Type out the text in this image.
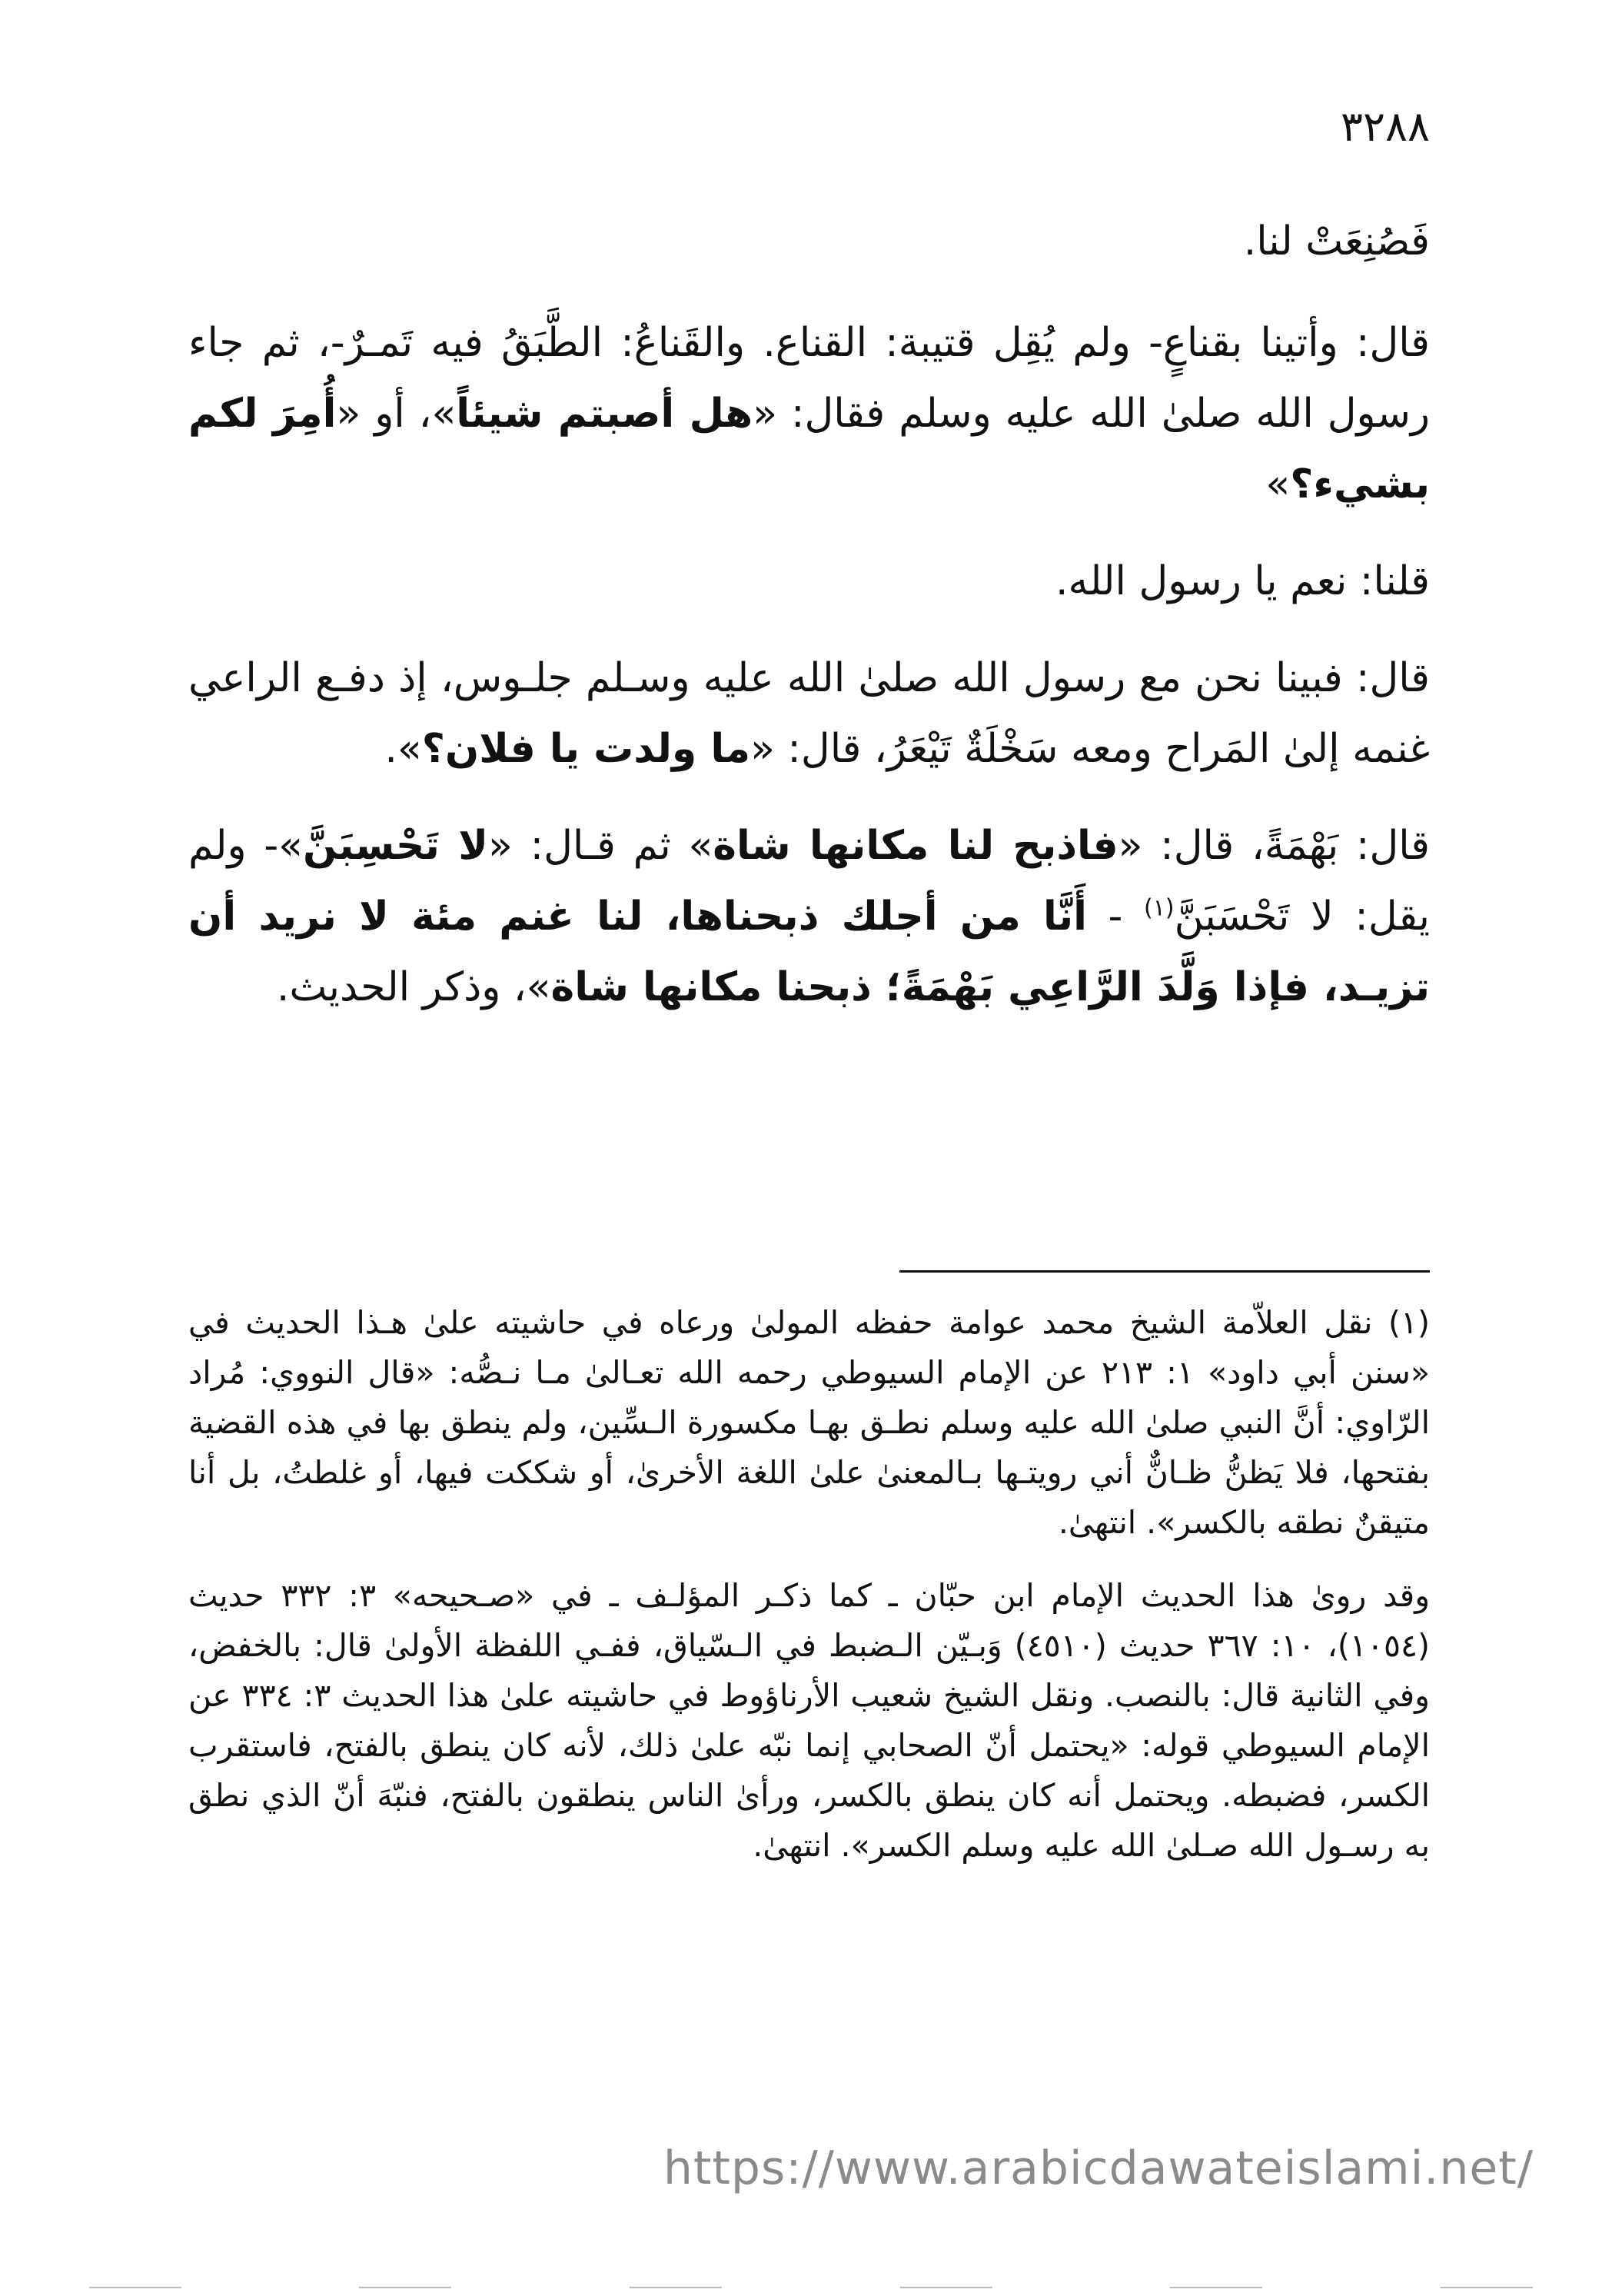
٣٢٨٨

فَصُنِعَتْ لنا.

قال: وأتينا بقناعٍ- ولم يُقِل قتيبة: القناع. والقَناعُ: الطَّبَقُ فيه تَمـرٌ-، ثم جاء رسول الله صلىٰ الله عليه وسلم فقال: «هل أصبتم شيئاً»، أو «أُمِرَ لكم بشيء؟»

قلنا: نعم يا رسول الله.

قال: فبينا نحن مع رسول الله صلىٰ الله عليه وسـلم جلـوس، إذ دفـع الراعي غنمه إلىٰ المَراح ومعه سَخْلَةٌ تَيْعَرُ، قال: «ما ولدت يا فلان؟».

قال: بَهْمَةً، قال: «فاذبح لنا مكانها شاة» ثم قـال: «لا تَحْسِبَنَّ»- ولم يقل: لا تَحْسَبَنَّ$^{(١)}$ - أَنَّا من أجلك ذبحناها، لنا غنم مئة لا نريد أن تزيـد، فإذا وَلَّدَ الرَّاعِي بَهْمَةً؛ ذبحنا مكانها شاة»، وذكر الحديث.

(١) نقل العلاّمة الشيخ محمد عوامة حفظه المولىٰ ورعاه في حاشيته علىٰ هـذا الحديث في «سنن أبي داود» ١: ٢١٣ عن الإمام السيوطي رحمه الله تعـالىٰ مـا نـصُّه: «قال النووي: مُراد الرّاوي: أنَّ النبي صلىٰ الله عليه وسلم نطـق بهـا مكسورة الـسِّين، ولم ينطق بها في هذه القضية بفتحها، فلا يَظنُّ ظـانٌّ أني رويتـها بـالمعنىٰ علىٰ اللغة الأخرىٰ، أو شككت فيها، أو غلطتُ، بل أنا متيقنٌ نطقه بالكسر». انتهىٰ.

وقد روىٰ هذا الحديث الإمام ابن حبّان ـ كما ذكـر المؤلـف ـ في «صـحيحه» ٣: ٣٣٢ حديث (١٠٥٤)، ١٠: ٣٦٧ حديث (٤٥١٠) وَبـيّن الـضبط في الـسّياق، ففـي اللفظة الأولىٰ قال: بالخفض، وفي الثانية قال: بالنصب. ونقل الشيخ شعيب الأرناؤوط في حاشيته علىٰ هذا الحديث ٣: ٣٣٤ عن الإمام السيوطي قوله: «يحتمل أنّ الصحابي إنما نبّه علىٰ ذلك، لأنه كان ينطق بالفتح، فاستقرب الكسر، فضبطه. ويحتمل أنه كان ينطق بالكسر، ورأىٰ الناس ينطقون بالفتح، فنبّهَ أنّ الذي نطق به رسـول الله صـلىٰ الله عليه وسلم الكسر». انتهىٰ.

https://www.arabicdawateislami.net/
